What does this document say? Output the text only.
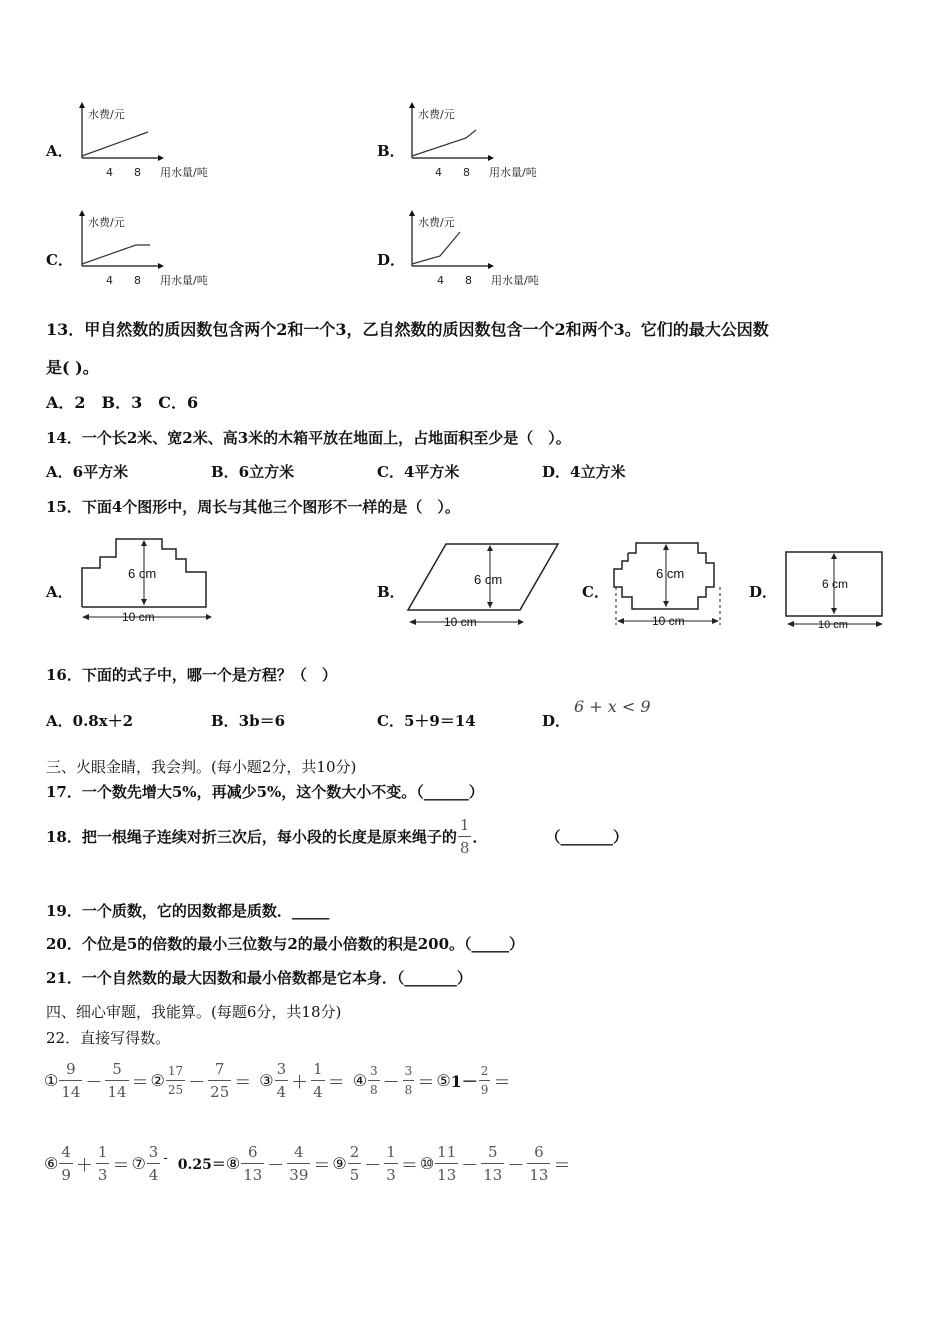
A．
水费/元
4 8 用水量/吨
B．
水费/元
4 8 用水量/吨
C．
水费/元
4 8 用水量/吨
D．
水费/元
4 8 用水量/吨
13．甲自然数的质因数包含两个2和一个3，乙自然数的质因数包含一个2和两个3。它们的最大公因数
是( )。
A．2　B．3　C．6
14．一个长2米、宽2米、高3米的木箱平放在地面上，占地面积至少是（　）。
A．6平方米	B．6立方米	C．4平方米	D．4立方米
15．下面4个图形中，周长与其他三个图形不一样的是（　）。
A．
6 cm
10 cm
B．
6 cm
10 cm
C．
6 cm
10 cm
D．	6 cm
10 cm
16．下面的式子中，哪一个是方程？（　）
A．0.8x＋2	B．3b＝6	C．5＋9＝14	D．
6 + x < 9
三、火眼金睛，我会判。(每小题2分，共10分)
17．一个数先增大5%，再减少5%，这个数大小不变。（______）
18．把一根绳子连续对折三次后，每小段的长度是原来绳子的 $\frac{1}{8}$ ．	（_______）
19．一个质数，它的因数都是质数．_____
20．个位是5的倍数的最小三位数与2的最小倍数的积是200。（_____）
21．一个自然数的最大因数和最小倍数都是它本身．（_______）
四、细心审题，我能算。(每题6分，共18分)
22．直接写得数。
① $\frac{9}{14} - \frac{5}{14}$ ＝ ② $\frac{17}{25} - \frac{7}{25}$ ＝ ③ $\frac{3}{4} + \frac{1}{4}$ ＝ ④ $\frac{3}{8} - \frac{3}{8}$ ＝ ⑤ $1- \frac{2}{9}$ ＝
⑥ $\frac{4}{9} + \frac{1}{3}$ ＝ ⑦ $\frac{3}{4} - 0.25=$ ⑧ $\frac{6}{13} - \frac{4}{39}$ ＝ ⑨ $\frac{2}{5} - \frac{1}{3}$ ＝ ⑩ $\frac{11}{13} - \frac{5}{13} - \frac{6}{13}$ ＝
